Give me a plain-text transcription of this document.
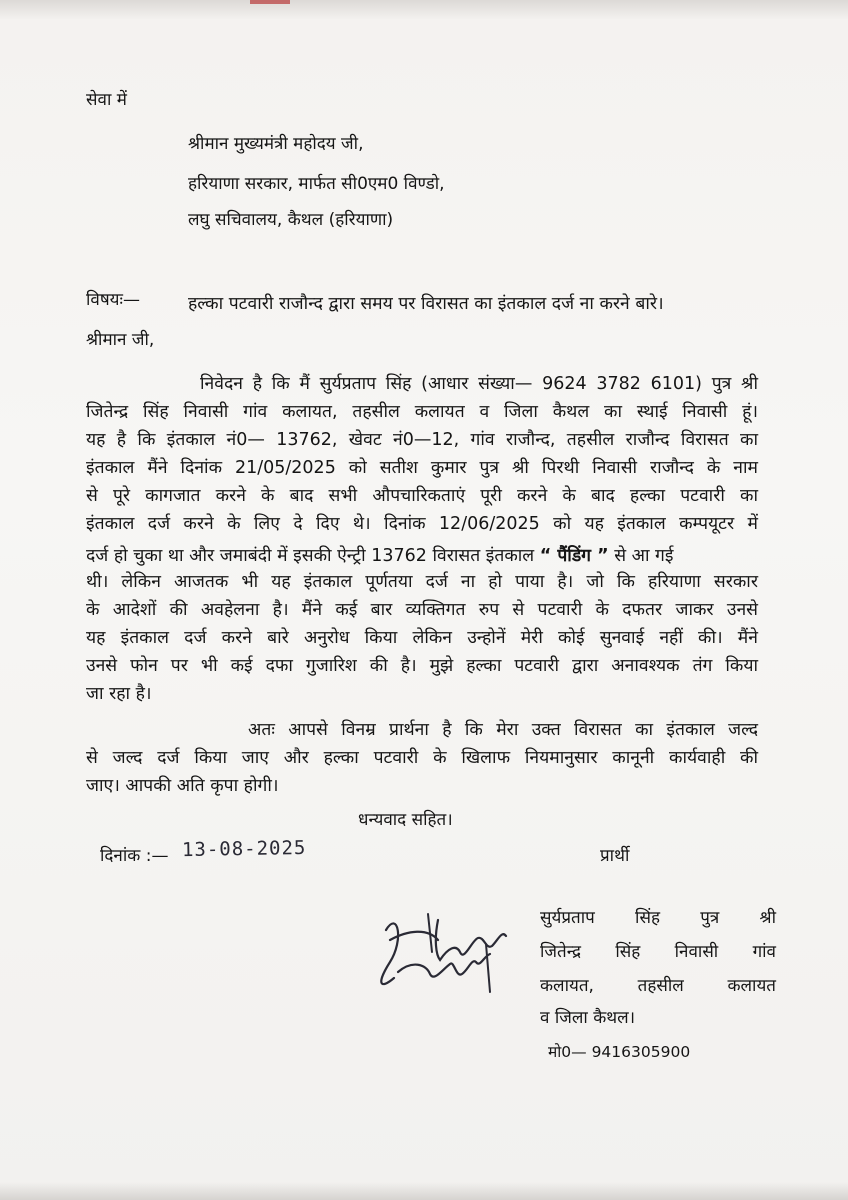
सेवा में
श्रीमान मुख्यमंत्री महोदय जी,
हरियाणा सरकार, मार्फत सी0एम0 विण्डो,
लघु सचिवालय, कैथल (हरियाणा)
विषयः—	हल्का पटवारी राजौन्द द्वारा समय पर विरासत का इंतकाल दर्ज ना करने बारे।
श्रीमान जी,
निवेदन है कि मैं सुर्यप्रताप सिंह (आधार संख्या— 9624 3782 6101) पुत्र श्री
जितेन्द्र सिंह निवासी गांव कलायत, तहसील कलायत व जिला कैथल का स्थाई निवासी हूं।
यह है कि इंतकाल नं0— 13762, खेवट नं0—12, गांव राजौन्द, तहसील राजौन्द विरासत का
इंतकाल मैंने दिनांक 21/05/2025 को सतीश कुमार पुत्र श्री पिरथी निवासी राजौन्द के नाम
से पूरे कागजात करने के बाद सभी औपचारिकताएं पूरी करने के बाद हल्का पटवारी का
इंतकाल दर्ज करने के लिए दे दिए थे। दिनांक 12/06/2025 को यह इंतकाल कम्पयूटर में
दर्ज हो चुका था और जमाबंदी में इसकी ऐन्ट्री 13762 विरासत इंतकाल “ पैंडिंग ” से आ गई
थी। लेकिन आजतक भी यह इंतकाल पूर्णतया दर्ज ना हो पाया है। जो कि हरियाणा सरकार
के आदेशों की अवहेलना है। मैंने कई बार व्यक्तिगत रुप से पटवारी के दफतर जाकर उनसे
यह इंतकाल दर्ज करने बारे अनुरोध किया लेकिन उन्होनें मेरी कोई सुनवाई नहीं की। मैंने
उनसे फोन पर भी कई दफा गुजारिश की है। मुझे हल्का पटवारी द्वारा अनावश्यक तंग किया
जा रहा है।
अतः आपसे विनम्र प्रार्थना है कि मेरा उक्त विरासत का इंतकाल जल्द
से जल्द दर्ज किया जाए और हल्का पटवारी के खिलाफ नियमानुसार कानूनी कार्यवाही की
जाए। आपकी अति कृपा होगी।
धन्यवाद सहित।
दिनांक :— 13-08-2025	प्रार्थी
सुर्यप्रताप सिंह पुत्र श्री
जितेन्द्र सिंह निवासी गांव
कलायत, तहसील कलायत
व जिला कैथल।
मो0— 9416305900
